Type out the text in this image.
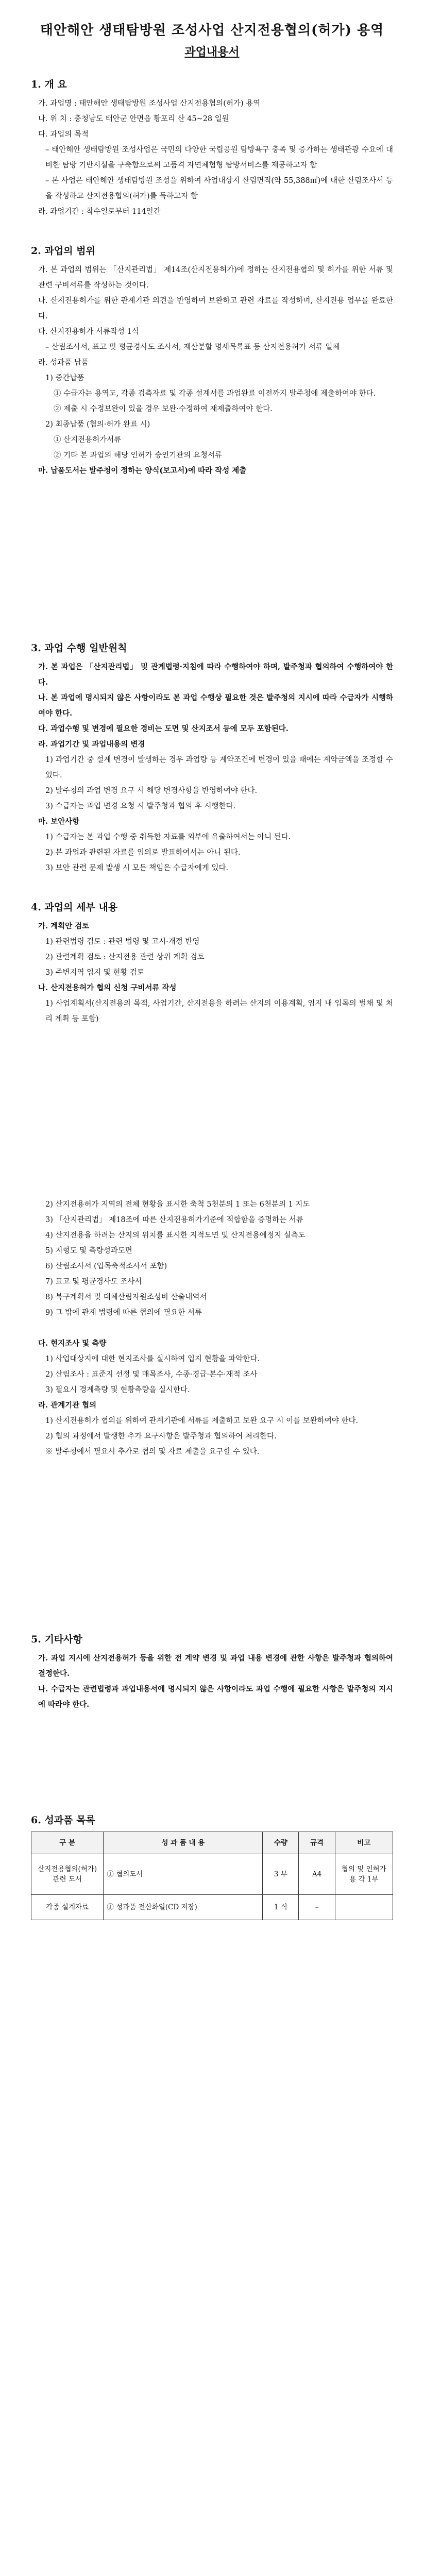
태안해안 생태탐방원 조성사업 산지전용협의(허가) 용역
과업내용서

1. 개 요

가. 과업명 : 태안해안 생태탐방원 조성사업 산지전용협의(허가) 용역

나. 위 치 : 충청남도 태안군 안면읍 황포리 산 45~28 일원

다. 과업의 목적

– 태안해안 생태탐방원 조성사업은 국민의 다양한 국립공원 탐방욕구 충족 및 증가하는 생태관광 수요에 대비한 탐방 기반시설을 구축함으로써 고품격 자연체험형 탐방서비스를 제공하고자 함

– 본 사업은 태안해안 생태탐방원 조성을 위하여 사업대상지 산림면적(약 55,388㎡)에 대한 산림조사서 등을 작성하고 산지전용협의(허가)를 득하고자 함

라. 과업기간 : 착수일로부터 114일간

2. 과업의 범위

가. 본 과업의 범위는 「산지관리법」 제14조(산지전용허가)에 정하는 산지전용협의 및 허가를 위한 서류 및 관련 구비서류를 작성하는 것이다.

나. 산지전용허가를 위한 관계기관 의견을 반영하여 보완하고 관련 자료를 작성하며, 산지전용 업무를 완료한다.

다. 산지전용허가 서류작성 1식

– 산림조사서, 표고 및 평균경사도 조사서, 재산분할 명세목록표 등 산지전용허가 서류 일체

라. 성과품 납품

1) 중간납품

① 수급자는 용역도, 각종 검측자료 및 각종 설계서를 과업완료 이전까지 발주청에 제출하여야 한다.

② 제출 시 수정보완이 있을 경우 보완·수정하여 재제출하여야 한다.

2) 최종납품 (협의·허가 완료 시)

① 산지전용허가서류

② 기타 본 과업의 해당 인허가 승인기관의 요청서류

마. 납품도서는 발주청이 정하는 양식(보고서)에 따라 작성 제출

3. 과업 수행 일반원칙

가. 본 과업은 「산지관리법」 및 관계법령·지침에 따라 수행하여야 하며, 발주청과 협의하여 수행하여야 한다.

나. 본 과업에 명시되지 않은 사항이라도 본 과업 수행상 필요한 것은 발주청의 지시에 따라 수급자가 시행하여야 한다.

다. 과업수행 및 변경에 필요한 경비는 도면 및 산지조서 등에 모두 포함된다.

라. 과업기간 및 과업내용의 변경

1) 과업기간 중 설계 변경이 발생하는 경우 과업량 등 계약조건에 변경이 있을 때에는 계약금액을 조정할 수 있다.

2) 발주청의 과업 변경 요구 시 해당 변경사항을 반영하여야 한다.

3) 수급자는 과업 변경 요청 시 발주청과 협의 후 시행한다.

마. 보안사항

1) 수급자는 본 과업 수행 중 취득한 자료를 외부에 유출하여서는 아니 된다.

2) 본 과업과 관련된 자료를 임의로 발표하여서는 아니 된다.

3) 보안 관련 문제 발생 시 모든 책임은 수급자에게 있다.

4. 과업의 세부 내용

가. 계획안 검토

1) 관련법령 검토 : 관련 법령 및 고시·개정 반영

2) 관련계획 검토 : 산지전용 관련 상위 계획 검토

3) 주변지역 입지 및 현황 검토

나. 산지전용허가 협의 신청 구비서류 작성

1) 사업계획서(산지전용의 목적, 사업기간, 산지전용을 하려는 산지의 이용계획, 임지 내 입목의 벌채 및 처리 계획 등 포함)

2) 산지전용허가 지역의 전체 현황을 표시한 축척 5천분의 1 또는 6천분의 1 지도

3) 「산지관리법」 제18조에 따른 산지전용허가기준에 적합함을 증명하는 서류

4) 산지전용을 하려는 산지의 위치를 표시한 지적도면 및 산지전용예정지 실측도

5) 지형도 및 측량성과도면

6) 산림조사서 (입목축적조사서 포함)

7) 표고 및 평균경사도 조사서

8) 복구계획서 및 대체산림자원조성비 산출내역서

9) 그 밖에 관계 법령에 따른 협의에 필요한 서류

다. 현지조사 및 측량

1) 사업대상지에 대한 현지조사를 실시하여 입지 현황을 파악한다.

2) 산림조사 : 표준지 선정 및 매목조사, 수종·경급·본수·재적 조사

3) 필요시 경계측량 및 현황측량을 실시한다.

라. 관계기관 협의

1) 산지전용허가 협의를 위하여 관계기관에 서류를 제출하고 보완 요구 시 이를 보완하여야 한다.

2) 협의 과정에서 발생한 추가 요구사항은 발주청과 협의하여 처리한다.

※ 발주청에서 필요시 추가로 협의 및 자료 제출을 요구할 수 있다.

5. 기타사항

가. 과업 지시에 산지전용허가 등을 위한 전 계약 변경 및 과업 내용 변경에 관한 사항은 발주청과 협의하여 결정한다.

나. 수급자는 관련법령과 과업내용서에 명시되지 않은 사항이라도 과업 수행에 필요한 사항은 발주청의 지시에 따라야 한다.

6. 성과품 목록

구 분	성 과 품 내 용	수량	규격	비고
산지전용협의(허가) 관련 도서	① 협의도서	3 부	A4	협의 및 인허가용 각 1부
각종 설계자료	① 성과품 전산화일(CD 저장)	1 식	–	
